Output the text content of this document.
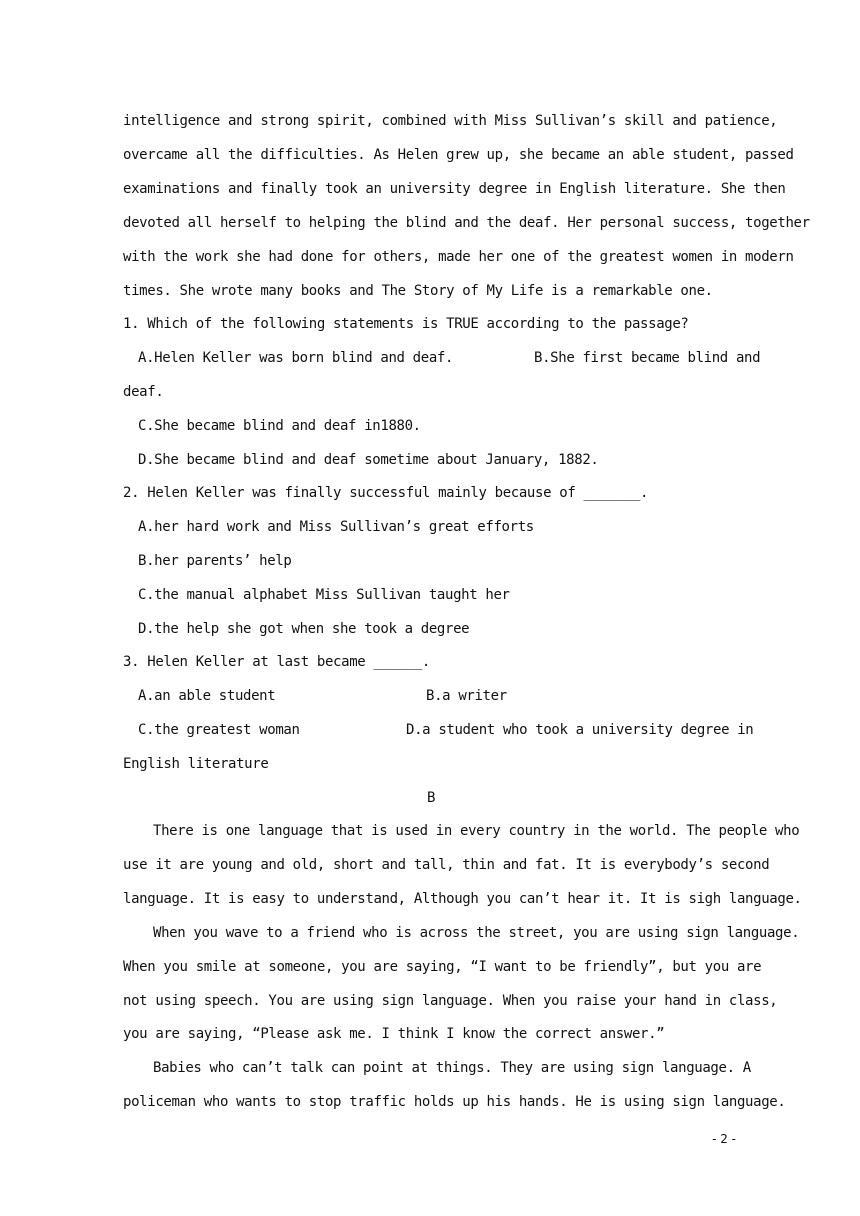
intelligence and strong spirit, combined with Miss Sullivan’s skill and patience,
overcame all the difficulties. As Helen grew up, she became an able student, passed
examinations and finally took an university degree in English literature. She then
devoted all herself to helping the blind and the deaf. Her personal success, together
with the work she had done for others, made her one of the greatest women in modern
times. She wrote many books and The Story of My Life is a remarkable one.
1. Which of the following statements is TRUE according to the passage?
A.Helen Keller was born blind and deaf.	B.She first became blind and
deaf.
C.She became blind and deaf in1880.
D.She became blind and deaf sometime about January, 1882.
2. Helen Keller was finally successful mainly because of _______.
A.her hard work and Miss Sullivan’s great efforts
B.her parents’ help
C.the manual alphabet Miss Sullivan taught her
D.the help she got when she took a degree
3. Helen Keller at last became ______.
A.an able student	B.a writer
C.the greatest woman	D.a student who took a university degree in
English literature
B
There is one language that is used in every country in the world. The people who
use it are young and old, short and tall, thin and fat. It is everybody’s second
language. It is easy to understand, Although you can’t hear it. It is sigh language.
When you wave to a friend who is across the street, you are using sign language.
When you smile at someone, you are saying, “I want to be friendly”, but you are
not using speech. You are using sign language. When you raise your hand in class,
you are saying, “Please ask me. I think I know the correct answer.”
Babies who can’t talk can point at things. They are using sign language. A
policeman who wants to stop traffic holds up his hands. He is using sign language.
- 2 -
